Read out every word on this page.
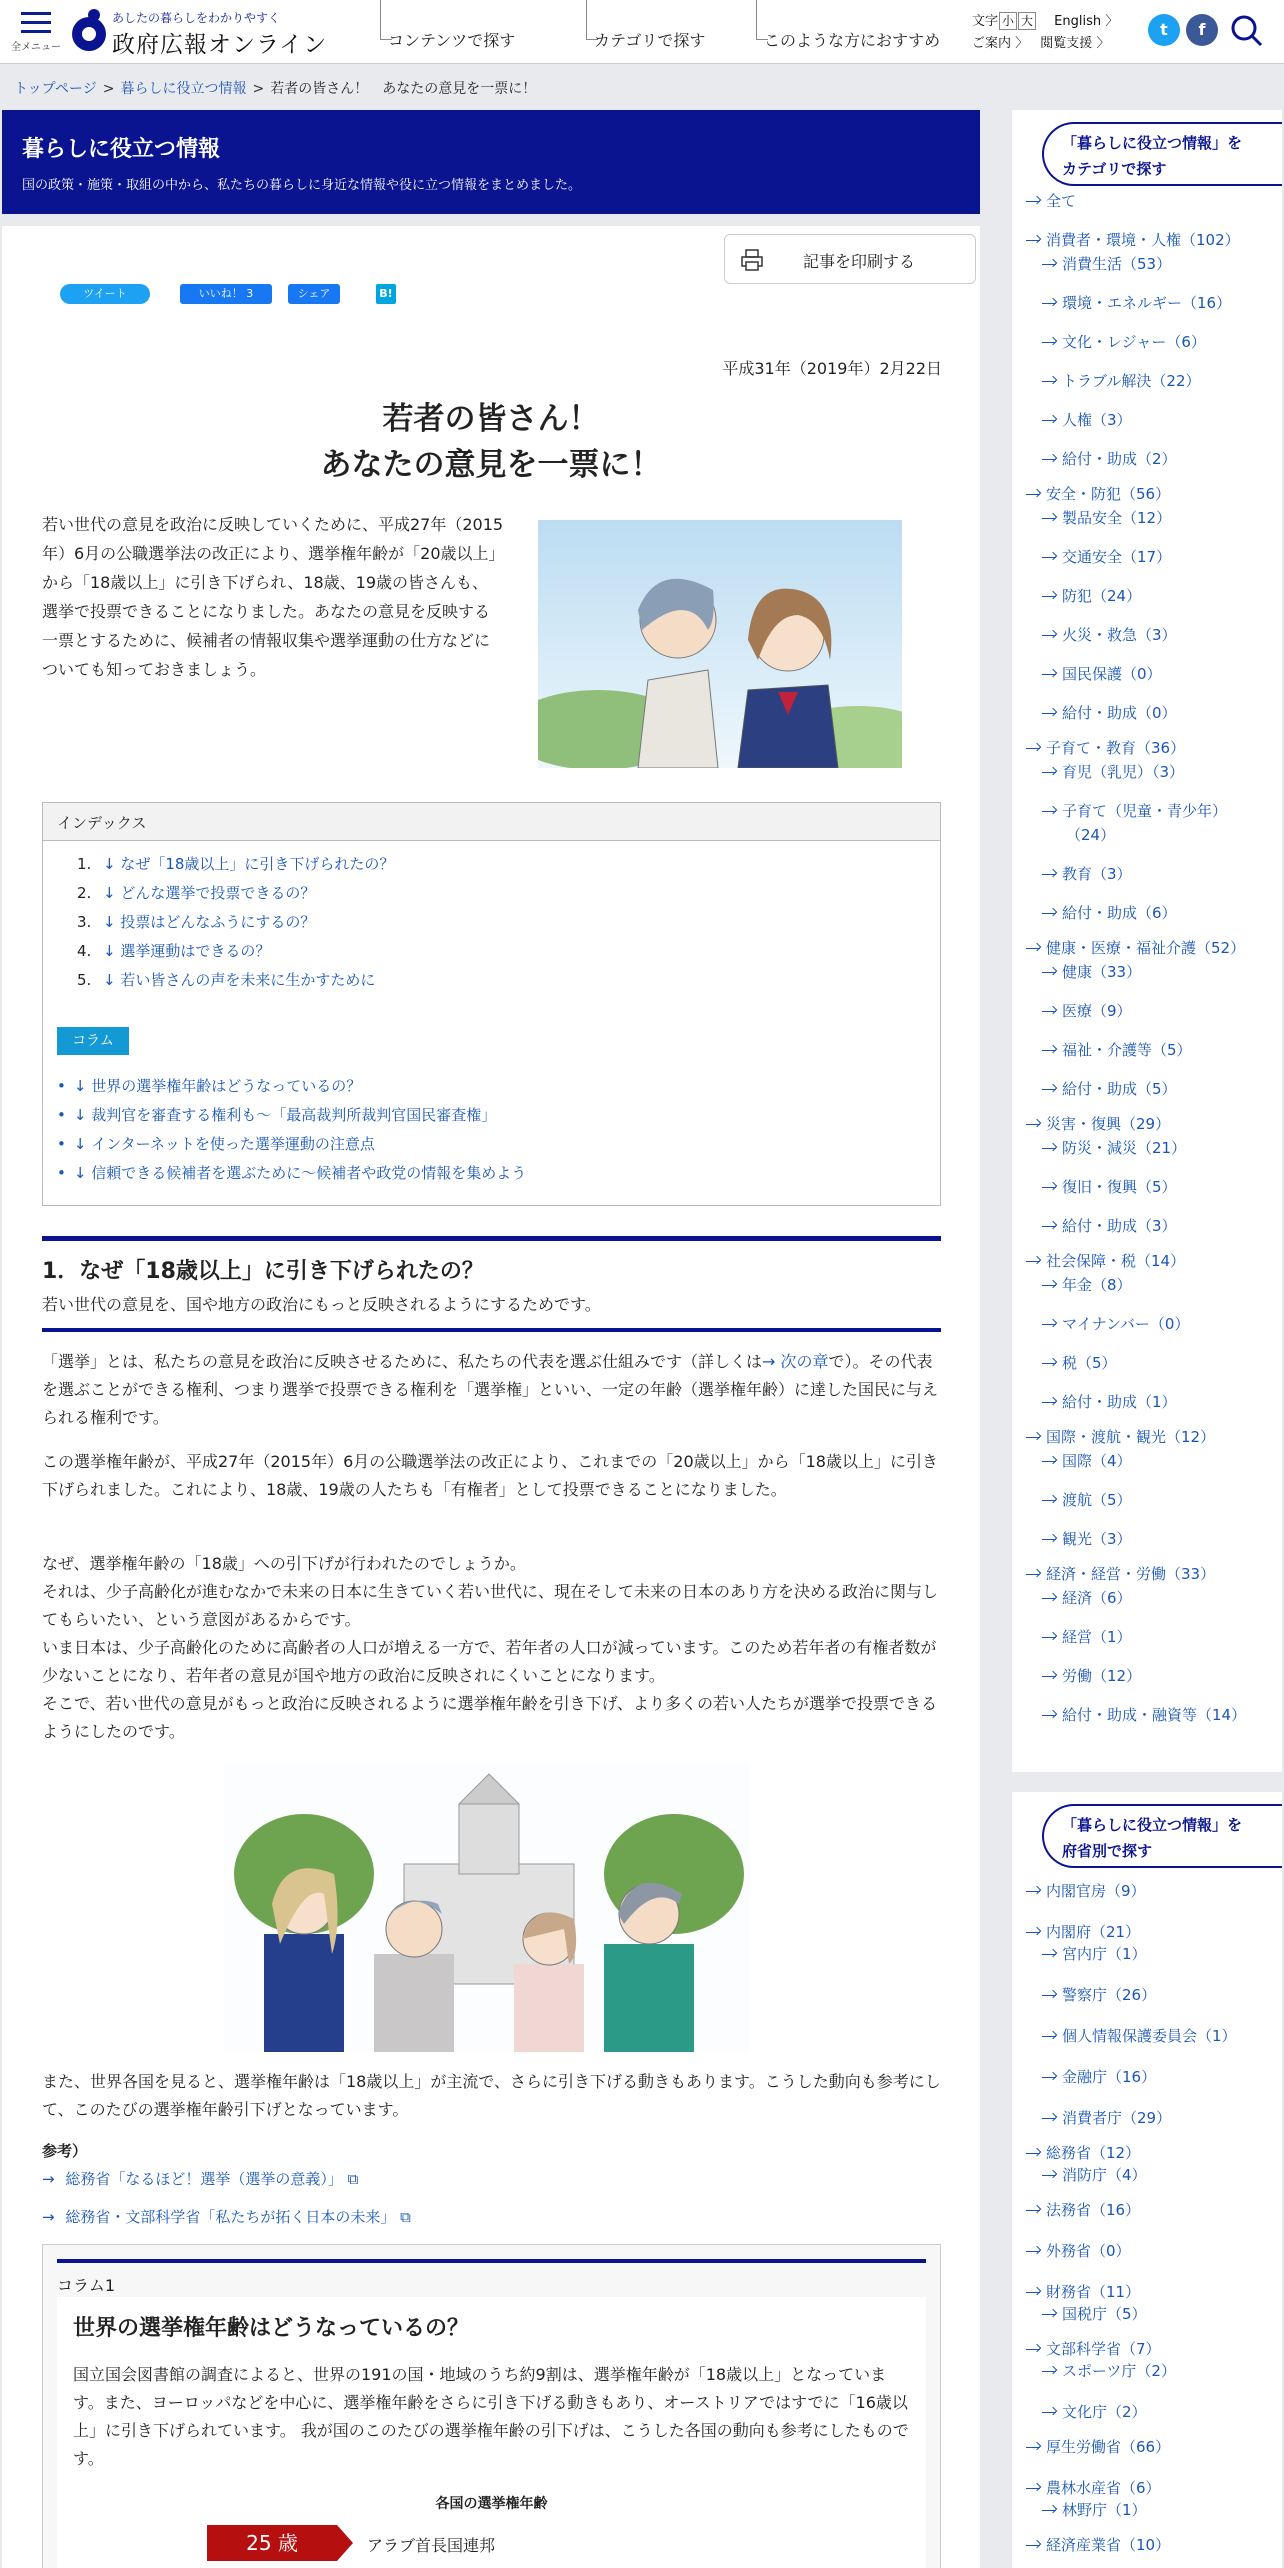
全メニュー
あしたの暮らしをわかりやすく
政府広報オンライン	コンテンツで探す	カテゴリで探す	このような方におすすめ
文字 小 大 English 〉
ご案内 〉 閲覧支援 〉
t	f
トップページ > 暮らしに役立つ情報 > 若者の皆さん！　あなたの意見を一票に！
暮らしに役立つ情報

国の政策・施策・取組の中から、私たちの暮らしに身近な情報や役に立つ情報をまとめました。

記事を印刷する
ツイート	いいね！ 3	シェア	B!
平成31年（2019年）2月22日
若者の皆さん！
あなたの意見を一票に！
若い世代の意見を政治に反映していくために、平成27年（2015年）6月の公職選挙法の改正により、選挙権年齢が「20歳以上」から「18歳以上」に引き下げられ、18歳、19歳の皆さんも、選挙で投票できることになりました。あなたの意見を反映する一票とするために、候補者の情報収集や選挙運動の仕方などについても知っておきましょう。
インデックス
1. ↓ なぜ「18歳以上」に引き下げられたの？
2. ↓ どんな選挙で投票できるの？
3. ↓ 投票はどんなふうにするの？
4. ↓ 選挙運動はできるの？
5. ↓ 若い皆さんの声を未来に生かすために
コラム
• ↓ 世界の選挙権年齢はどうなっているの？
• ↓ 裁判官を審査する権利も～「最高裁判所裁判官国民審査権」
• ↓ インターネットを使った選挙運動の注意点
• ↓ 信頼できる候補者を選ぶために～候補者や政党の情報を集めよう
1．なぜ「18歳以上」に引き下げられたの？
若い世代の意見を、国や地方の政治にもっと反映されるようにするためです。
「選挙」とは、私たちの意見を政治に反映させるために、私たちの代表を選ぶ仕組みです（詳しくは→ 次の章で）。その代表を選ぶことができる権利、つまり選挙で投票できる権利を「選挙権」といい、一定の年齢（選挙権年齢）に達した国民に与えられる権利です。
この選挙権年齢が、平成27年（2015年）6月の公職選挙法の改正により、これまでの「20歳以上」から「18歳以上」に引き下げられました。これにより、18歳、19歳の人たちも「有権者」として投票できることになりました。
なぜ、選挙権年齢の「18歳」への引下げが行われたのでしょうか。
それは、少子高齢化が進むなかで未来の日本に生きていく若い世代に、現在そして未来の日本のあり方を決める政治に関与してもらいたい、という意図があるからです。
いま日本は、少子高齢化のために高齢者の人口が増える一方で、若年者の人口が減っています。このため若年者の有権者数が少ないことになり、若年者の意見が国や地方の政治に反映されにくいことになります。
そこで、若い世代の意見がもっと政治に反映されるように選挙権年齢を引き下げ、より多くの若い人たちが選挙で投票できるようにしたのです。
また、世界各国を見ると、選挙権年齢は「18歳以上」が主流で、さらに引き下げる動きもあります。こうした動向も参考にして、このたびの選挙権年齢引下げとなっています。
参考）
→ 総務省「なるほど！選挙（選挙の意義）」 ⧉
→ 総務省・文部科学省「私たちが拓く日本の未来」 ⧉
コラム1
世界の選挙権年齢はどうなっているの？
国立国会図書館の調査によると、世界の191の国・地域のうち約9割は、選挙権年齢が「18歳以上」となっています。また、ヨーロッパなどを中心に、選挙権年齢をさらに引き下げる動きもあり、オーストリアではすでに「16歳以上」に引き下げられています。 我が国のこのたびの選挙権年齢の引下げは、こうした各国の動向も参考にしたものです。
各国の選挙権年齢
25 歳	アラブ首長国連邦
「暮らしに役立つ情報」を
カテゴリで探す
全て
消費者・環境・人権（102）
消費生活（53）
環境・エネルギー（16）
文化・レジャー（6）
トラブル解決（22）
人権（3）
給付・助成（2）
安全・防犯（56）
製品安全（12）
交通安全（17）
防犯（24）
火災・救急（3）
国民保護（0）
給付・助成（0）
子育て・教育（36）
育児（乳児）（3）
子育て（児童・青少年）
（24）
教育（3）
給付・助成（6）
健康・医療・福祉介護（52）
健康（33）
医療（9）
福祉・介護等（5）
給付・助成（5）
災害・復興（29）
防災・減災（21）
復旧・復興（5）
給付・助成（3）
社会保障・税（14）
年金（8）
マイナンバー（0）
税（5）
給付・助成（1）
国際・渡航・観光（12）
国際（4）
渡航（5）
観光（3）
経済・経営・労働（33）
経済（6）
経営（1）
労働（12）
給付・助成・融資等（14）
「暮らしに役立つ情報」を
府省別で探す
内閣官房（9）
内閣府（21）
宮内庁（1）
警察庁（26）
個人情報保護委員会（1）
金融庁（16）
消費者庁（29）
総務省（12）
消防庁（4）
法務省（16）
外務省（0）
財務省（11）
国税庁（5）
文部科学省（7）
スポーツ庁（2）
文化庁（2）
厚生労働省（66）
農林水産省（6）
林野庁（1）
経済産業省（10）
